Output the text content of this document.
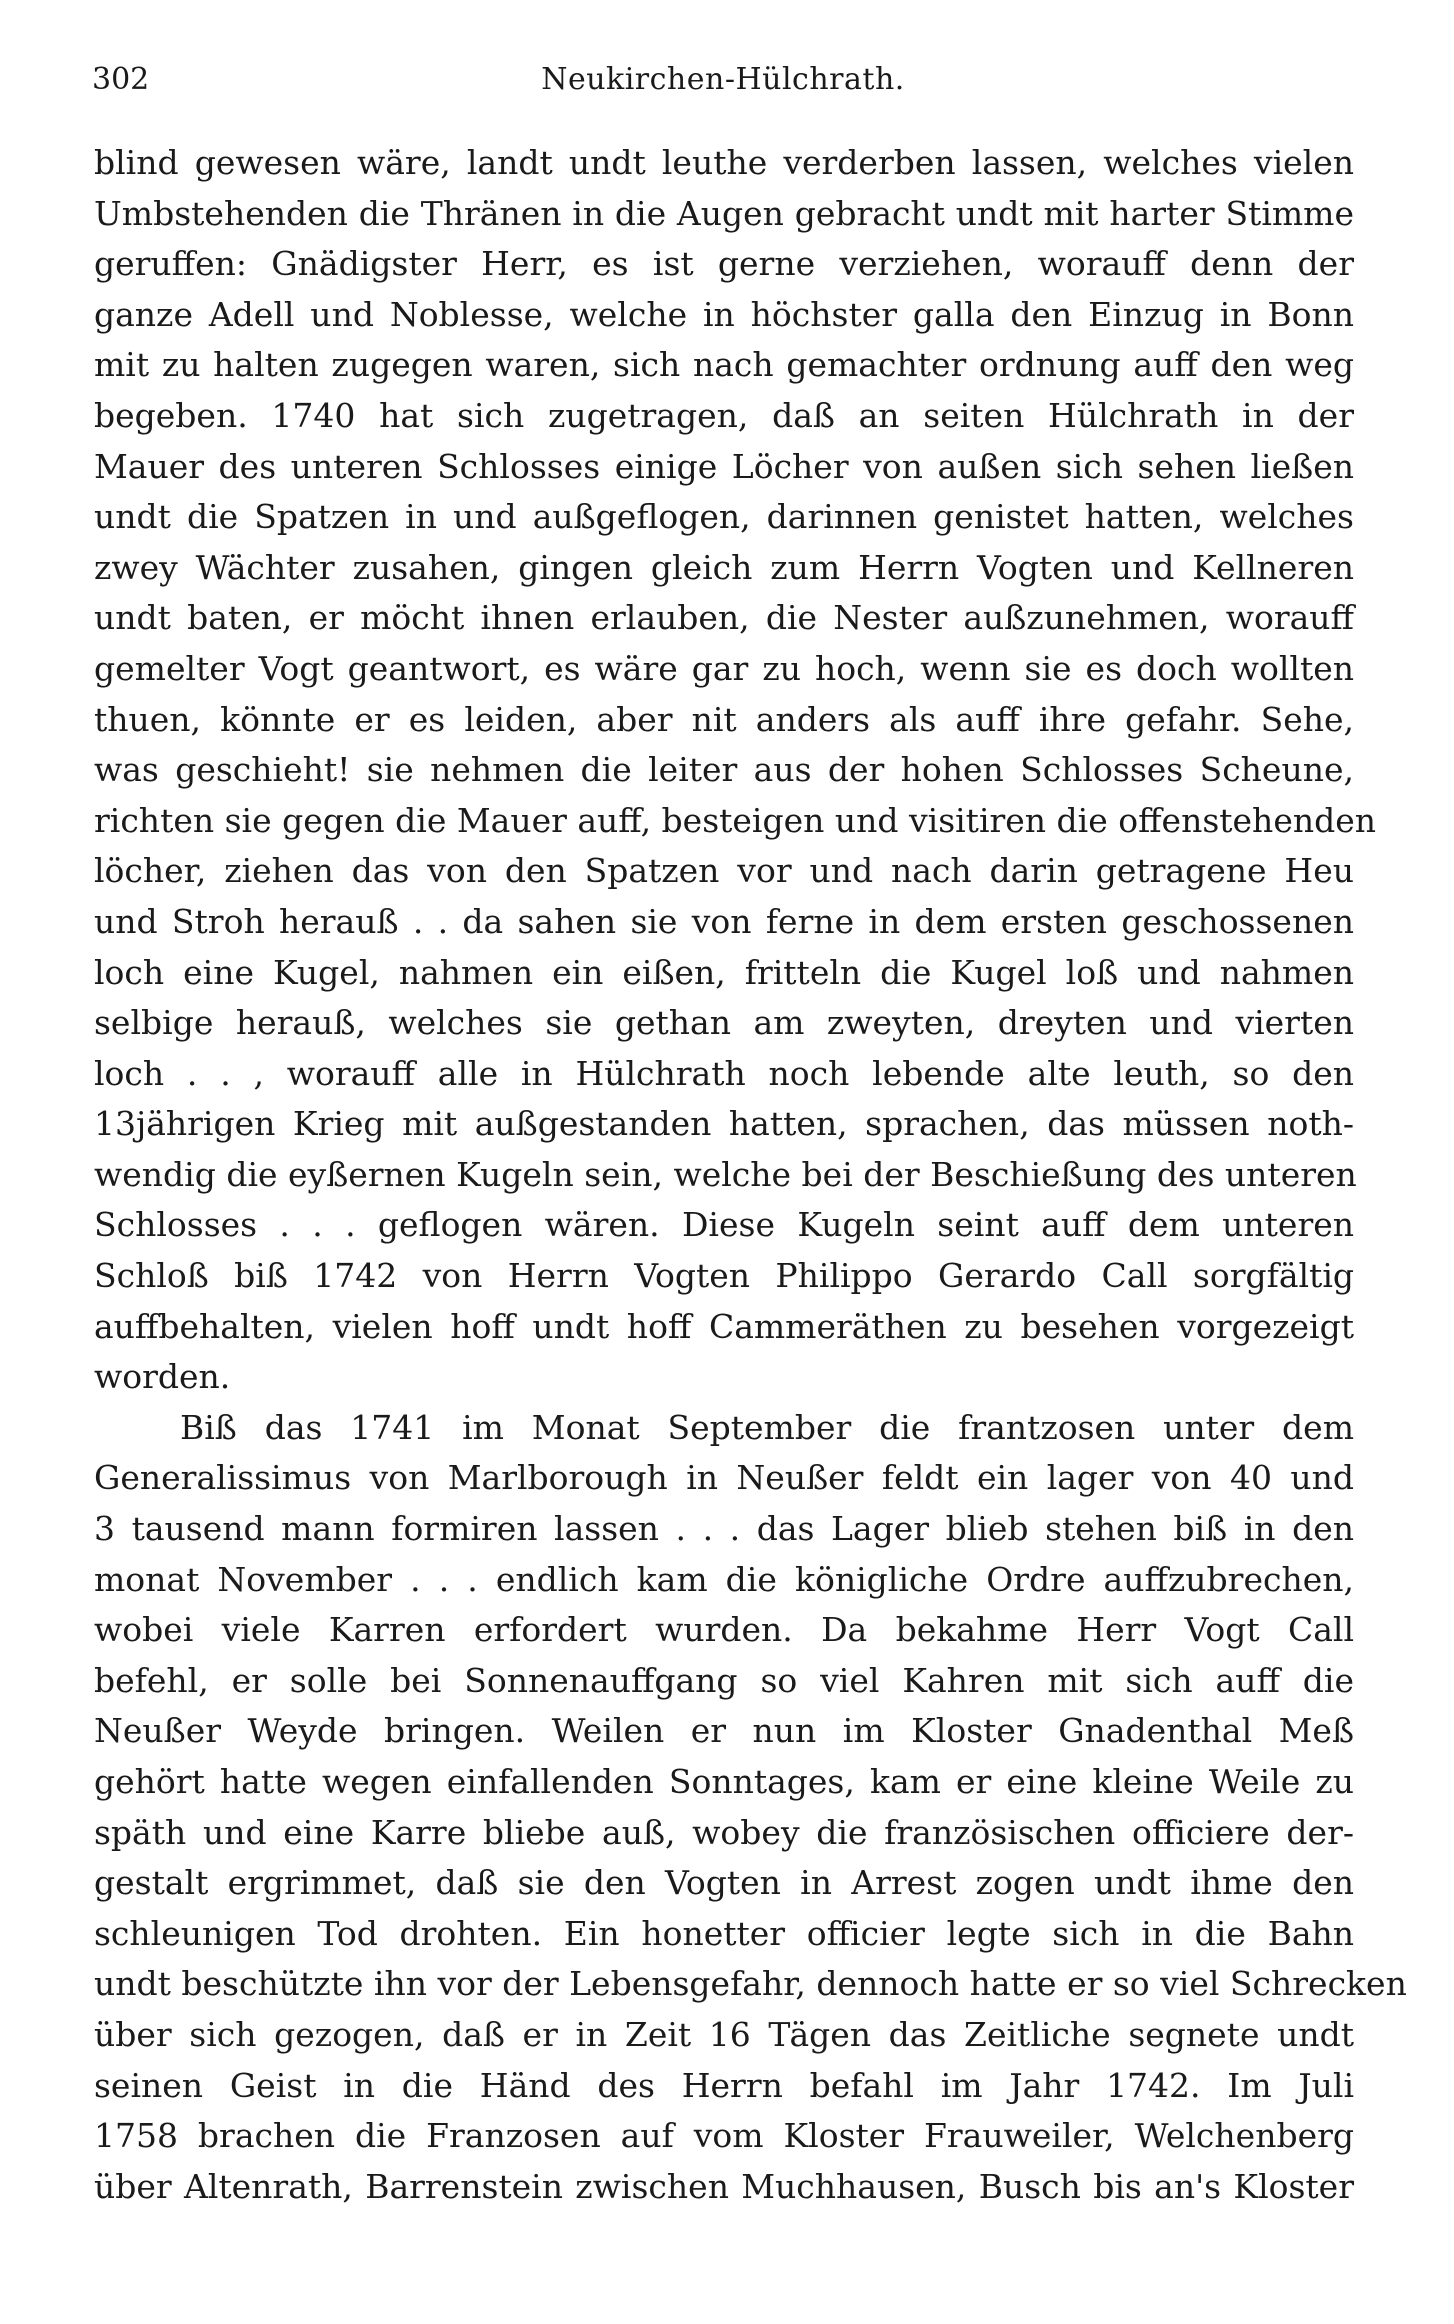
302	Neukirchen-Hülchrath.
blind gewesen wäre, landt undt leuthe verderben lassen, welches vielen
Umbstehenden die Thränen in die Augen gebracht undt mit harter Stimme
geruffen: Gnädigster Herr, es ist gerne verziehen, worauff denn der
ganze Adell und Noblesse, welche in höchster galla den Einzug in Bonn
mit zu halten zugegen waren, sich nach gemachter ordnung auff den weg
begeben. 1740 hat sich zugetragen, daß an seiten Hülchrath in der
Mauer des unteren Schlosses einige Löcher von außen sich sehen ließen
undt die Spatzen in und außgeflogen, darinnen genistet hatten, welches
zwey Wächter zusahen, gingen gleich zum Herrn Vogten und Kellneren
undt baten, er möcht ihnen erlauben, die Nester außzunehmen, worauff
gemelter Vogt geantwort, es wäre gar zu hoch, wenn sie es doch wollten
thuen, könnte er es leiden, aber nit anders als auff ihre gefahr. Sehe,
was geschieht! sie nehmen die leiter aus der hohen Schlosses Scheune,
richten sie gegen die Mauer auff, besteigen und visitiren die offenstehenden
löcher, ziehen das von den Spatzen vor und nach darin getragene Heu
und Stroh herauß . . da sahen sie von ferne in dem ersten geschossenen
loch eine Kugel, nahmen ein eißen, fritteln die Kugel loß und nahmen
selbige herauß, welches sie gethan am zweyten, dreyten und vierten
loch . . , worauff alle in Hülchrath noch lebende alte leuth, so den
13jährigen Krieg mit außgestanden hatten, sprachen, das müssen noth-
wendig die eyßernen Kugeln sein, welche bei der Beschießung des unteren
Schlosses . . . geflogen wären. Diese Kugeln seint auff dem unteren
Schloß biß 1742 von Herrn Vogten Philippo Gerardo Call sorgfältig
auffbehalten, vielen hoff undt hoff Cammeräthen zu besehen vorgezeigt
worden.
Biß das 1741 im Monat September die frantzosen unter dem
Generalissimus von Marlborough in Neußer feldt ein lager von 40 und
3 tausend mann formiren lassen . . . das Lager blieb stehen biß in den
monat November . . . endlich kam die königliche Ordre auffzubrechen,
wobei viele Karren erfordert wurden. Da bekahme Herr Vogt Call
befehl, er solle bei Sonnenauffgang so viel Kahren mit sich auff die
Neußer Weyde bringen. Weilen er nun im Kloster Gnadenthal Meß
gehört hatte wegen einfallenden Sonntages, kam er eine kleine Weile zu
späth und eine Karre bliebe auß, wobey die französischen officiere der-
gestalt ergrimmet, daß sie den Vogten in Arrest zogen undt ihme den
schleunigen Tod drohten. Ein honetter officier legte sich in die Bahn
undt beschützte ihn vor der Lebensgefahr, dennoch hatte er so viel Schrecken
über sich gezogen, daß er in Zeit 16 Tägen das Zeitliche segnete undt
seinen Geist in die Händ des Herrn befahl im Jahr 1742. Im Juli
1758 brachen die Franzosen auf vom Kloster Frauweiler, Welchenberg
über Altenrath, Barrenstein zwischen Muchhausen, Busch bis an's Kloster
